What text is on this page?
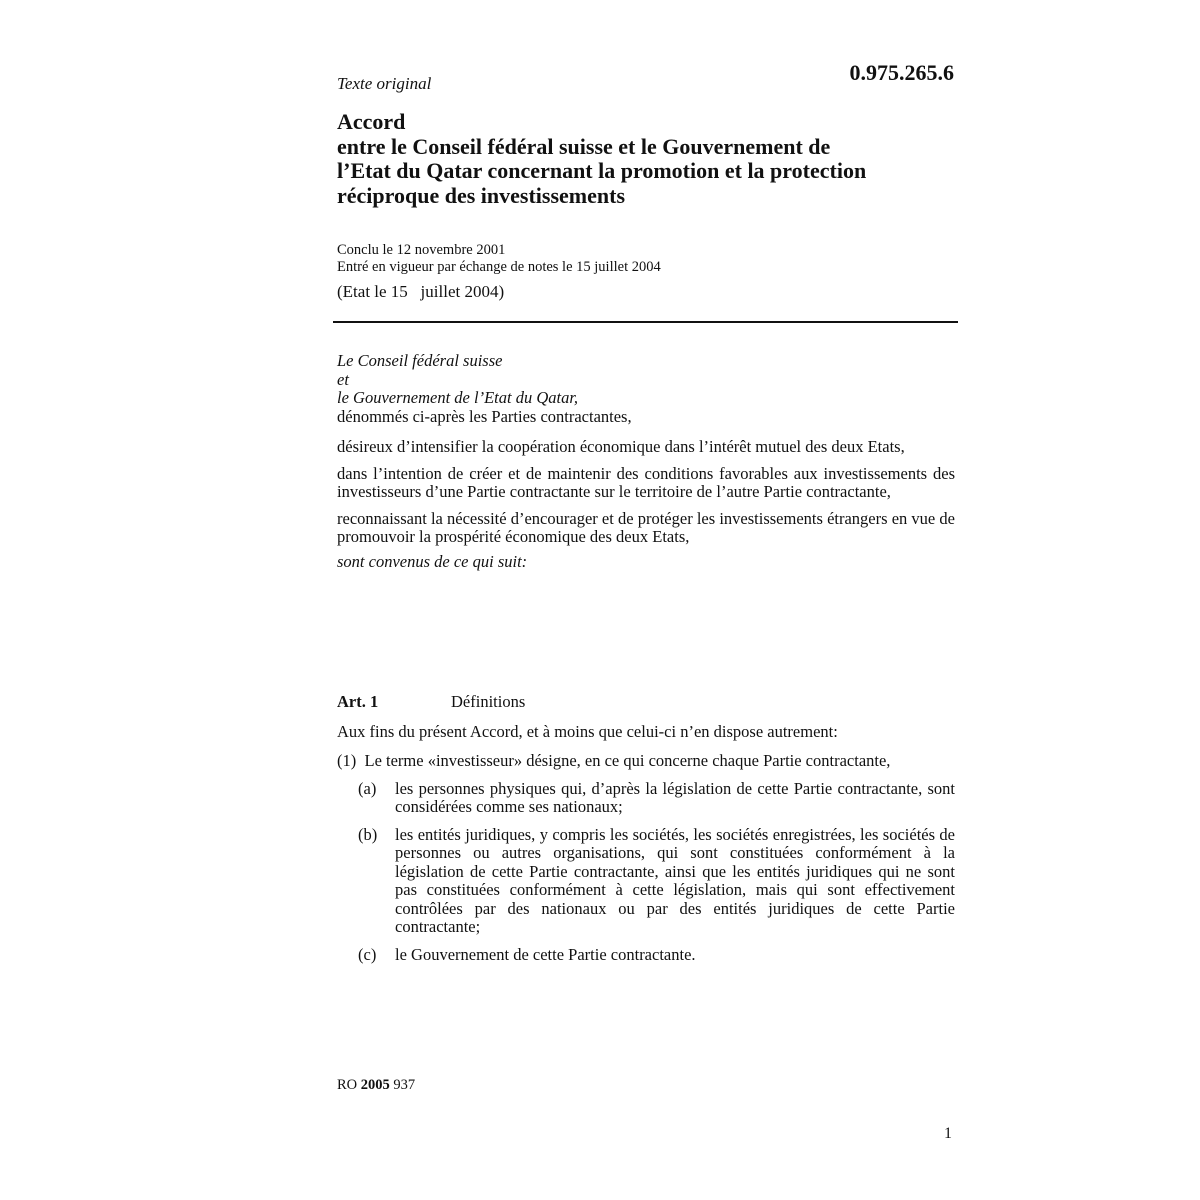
Texte original	0.975.265.6
Accord
entre le Conseil fédéral suisse et le Gouvernement de
l’Etat du Qatar concernant la promotion et la protection
réciproque des investissements
Conclu le 12 novembre 2001
Entré en vigueur par échange de notes le 15 juillet 2004
(Etat le 15   juillet 2004)

Le Conseil fédéral suisse

et

le Gouvernement de l’Etat du Qatar,

dénommés ci-après les Parties contractantes,

désireux d’intensifier la coopération économique dans l’intérêt mutuel des deux Etats,

dans l’intention de créer et de maintenir des conditions favorables aux investissements des investisseurs d’une Partie contractante sur le territoire de l’autre Partie contractante,

reconnaissant la nécessité d’encourager et de protéger les investissements étrangers en vue de promouvoir la prospérité économique des deux Etats,

sont convenus de ce qui suit:

Art. 1	Définitions
Aux fins du présent Accord, et à moins que celui-ci n’en dispose autrement:
(1)  Le terme «investisseur» désigne, en ce qui concerne chaque Partie contractante,
(a)	les personnes physiques qui, d’après la législation de cette Partie contractante, sont considérées comme ses nationaux;
(b)	les entités juridiques, y compris les sociétés, les sociétés enregistrées, les sociétés de personnes ou autres organisations, qui sont constituées conformément à la législation de cette Partie contractante, ainsi que les entités juridiques qui ne sont pas constituées conformément à cette législation, mais qui sont effectivement contrôlées par des nationaux ou par des entités juridiques de cette Partie contractante;
(c)	le Gouvernement de cette Partie contractante.
RO 2005 937
1
